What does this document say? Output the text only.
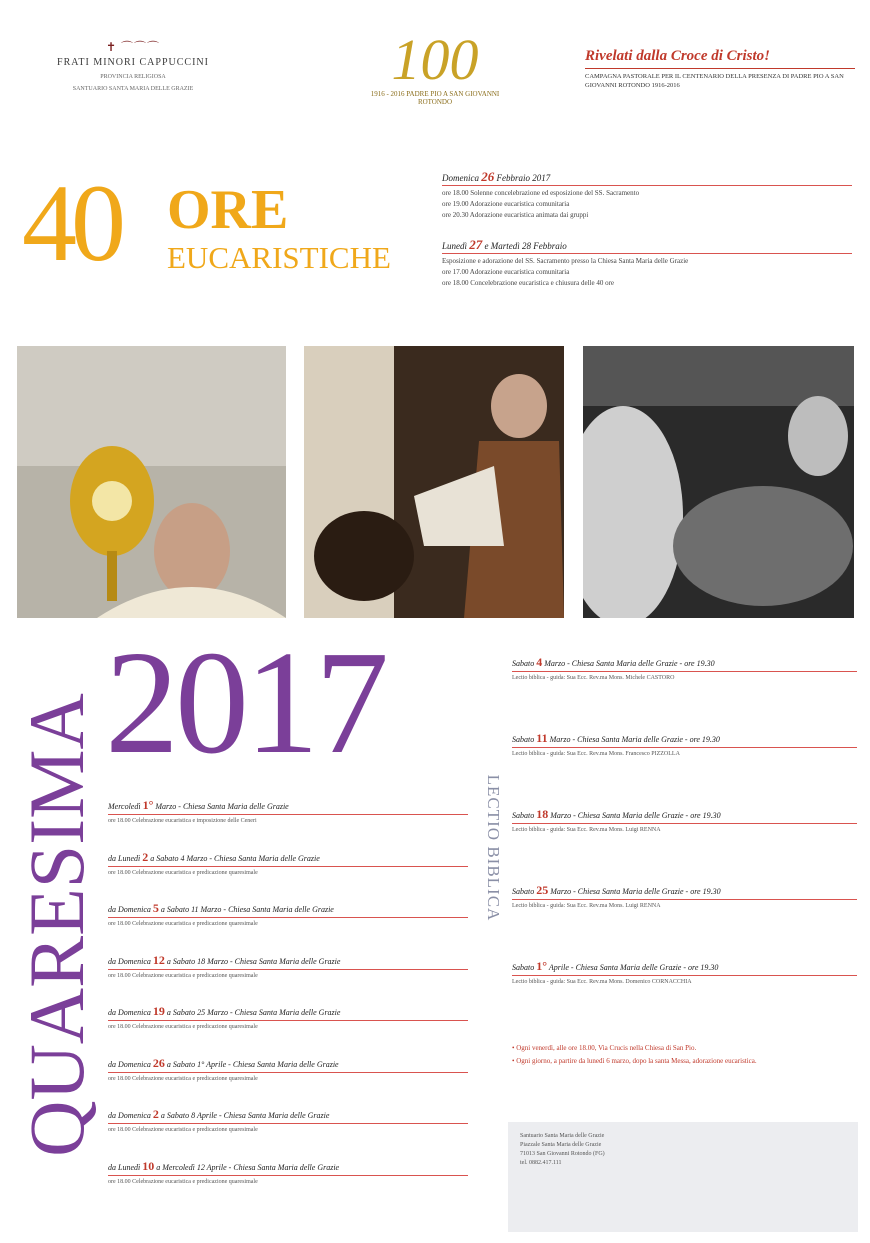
✝ ⌒⌒⌒
FRATI MINORI CAPPUCCINI
PROVINCIA RELIGIOSA
SANTUARIO SANTA MARIA DELLE GRAZIE	100
1916 - 2016 PADRE PIO A SAN GIOVANNI ROTONDO
Rivelati dalla Croce di Cristo!
CAMPAGNA PASTORALE PER IL CENTENARIO DELLA PRESENZA DI PADRE PIO A SAN GIOVANNI ROTONDO 1916-2016
40 ORE
EUCARISTICHE
Domenica 26 Febbraio 2017

ore 18.00 Solenne concelebrazione ed esposizione del SS. Sacramento

ore 19.00 Adorazione eucaristica comunitaria

ore 20.30 Adorazione eucaristica animata dai gruppi

Lunedì 27 e Martedì 28 Febbraio

Esposizione e adorazione del SS. Sacramento presso la Chiesa Santa Maria delle Grazie

ore 17.00 Adorazione eucaristica comunitaria

ore 18.00 Concelebrazione eucaristica e chiusura delle 40 ore

QUARESIMA 2017
LECTIO BIBLICA
Mercoledì 1° Marzo - Chiesa Santa Maria delle Grazie
ore 18.00 Celebrazione eucaristica e imposizione delle Ceneri
da Lunedì 2 a Sabato 4 Marzo - Chiesa Santa Maria delle Grazie
ore 18.00 Celebrazione eucaristica e predicazione quaresimale
da Domenica 5 a Sabato 11 Marzo - Chiesa Santa Maria delle Grazie
ore 18.00 Celebrazione eucaristica e predicazione quaresimale
da Domenica 12 a Sabato 18 Marzo - Chiesa Santa Maria delle Grazie
ore 18.00 Celebrazione eucaristica e predicazione quaresimale
da Domenica 19 a Sabato 25 Marzo - Chiesa Santa Maria delle Grazie
ore 18.00 Celebrazione eucaristica e predicazione quaresimale
da Domenica 26 a Sabato 1° Aprile - Chiesa Santa Maria delle Grazie
ore 18.00 Celebrazione eucaristica e predicazione quaresimale
da Domenica 2 a Sabato 8 Aprile - Chiesa Santa Maria delle Grazie
ore 18.00 Celebrazione eucaristica e predicazione quaresimale
da Lunedì 10 a Mercoledì 12 Aprile - Chiesa Santa Maria delle Grazie
ore 18.00 Celebrazione eucaristica e predicazione quaresimale
Sabato 4 Marzo - Chiesa Santa Maria delle Grazie - ore 19.30
Lectio biblica - guida: Sua Ecc. Rev.ma Mons. Michele CASTORO
Sabato 11 Marzo - Chiesa Santa Maria delle Grazie - ore 19.30
Lectio biblica - guida: Sua Ecc. Rev.ma Mons. Francesco PIZZOLLA
Sabato 18 Marzo - Chiesa Santa Maria delle Grazie - ore 19.30
Lectio biblica - guida: Sua Ecc. Rev.ma Mons. Luigi RENNA
Sabato 25 Marzo - Chiesa Santa Maria delle Grazie - ore 19.30
Lectio biblica - guida: Sua Ecc. Rev.ma Mons. Luigi RENNA
Sabato 1° Aprile - Chiesa Santa Maria delle Grazie - ore 19.30
Lectio biblica - guida: Sua Ecc. Rev.ma Mons. Domenico CORNACCHIA

• Ogni venerdì, alle ore 18.00, Via Crucis nella Chiesa di San Pio.

• Ogni giorno, a partire da lunedì 6 marzo, dopo la santa Messa, adorazione eucaristica.

Santuario Santa Maria delle Grazie

Piazzale Santa Maria delle Grazie

71013 San Giovanni Rotondo (FG)

tel. 0882.417.111
